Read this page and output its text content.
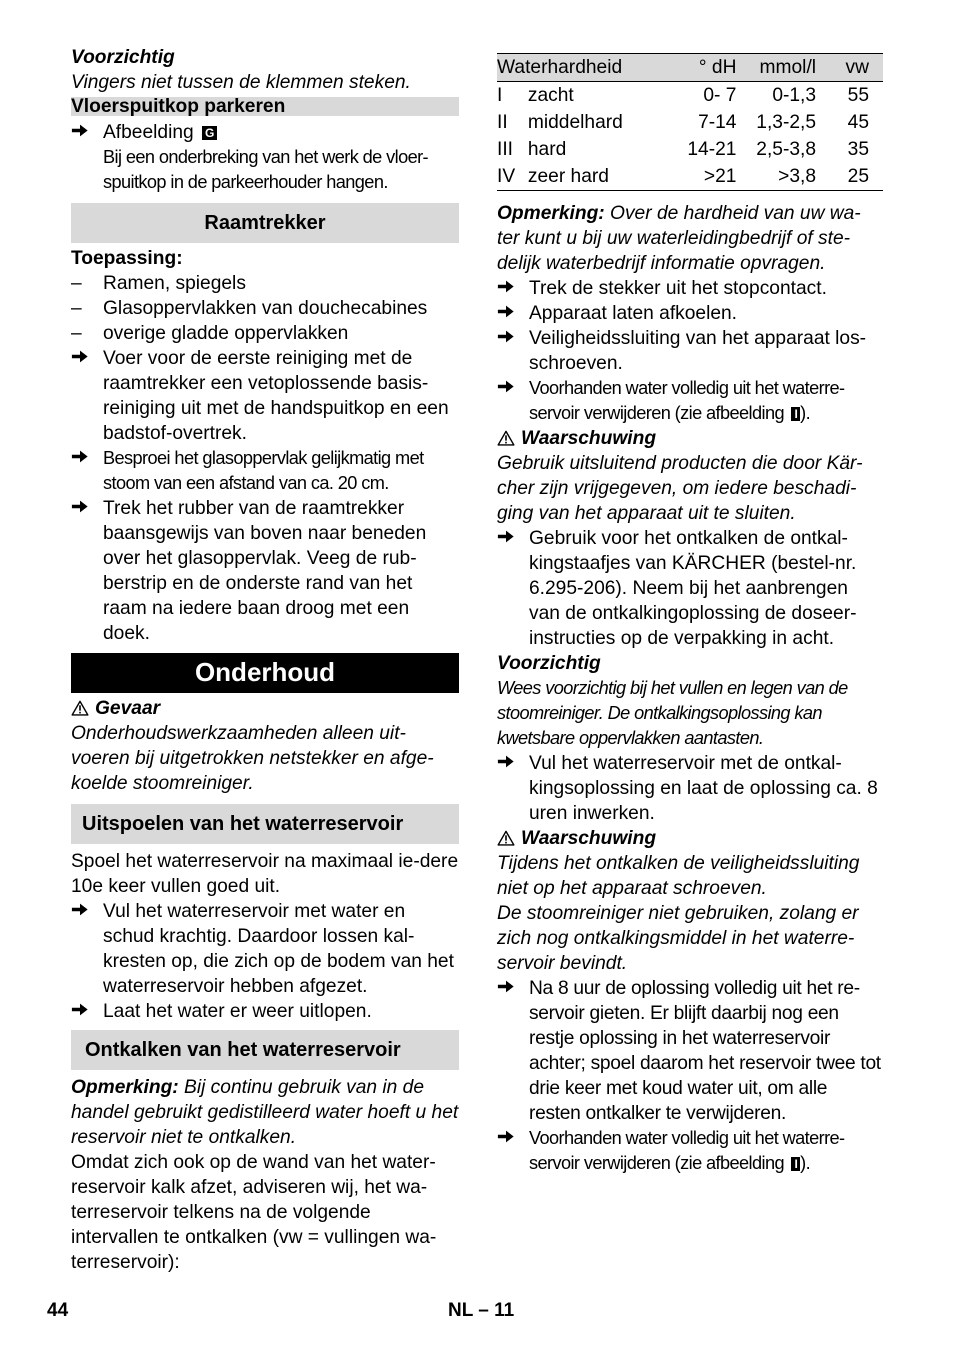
Voorzichtig

Vingers niet tussen de klemmen steken.

Vloerspuitkop parkeren
Afbeelding G
Bij een onderbreking van het werk de vloer-spuitkop in de parkeerhouder hangen.
Raamtrekker

Toepassing:

–	Ramen, spiegels
–	Glasoppervlakken van douchecabines
–	overige gladde oppervlakken
Voer voor de eerste reiniging met de raamtrekker een vetoplossende basis-reiniging uit met de handspuitkop en een badstof-overtrek.
Besproei het glasoppervlak gelijkmatig met stoom van een afstand van ca. 20 cm.
Trek het rubber van de raamtrekker baansgewijs van boven naar beneden over het glasoppervlak. Veeg de rub-berstrip en de onderste rand van het raam na iedere baan droog met een doek.
Onderhoud

Gevaar

Onderhoudswerkzaamheden alleen uit-voeren bij uitgetrokken netstekker en afge-koelde stoomreiniger.

Uitspoelen van het waterreservoir

Spoel het waterreservoir na maximaal ie-dere 10e keer vullen goed uit.

Vul het waterreservoir met water en schud krachtig. Daardoor lossen kal-kresten op, die zich op de bodem van het waterreservoir hebben afgezet.
Laat het water er weer uitlopen.
Ontkalken van het waterreservoir

Opmerking: Bij continu gebruik van in de handel gebruikt gedistilleerd water hoeft u het reservoir niet te ontkalken.

Omdat zich ook op de wand van het water-reservoir kalk afzet, adviseren wij, het wa-terreservoir telkens na de volgende intervallen te ontkalken (vw = vullingen wa-terreservoir):

Waterhardheid		° dH	mmol/l	vw
I	zacht	0- 7	0-1,3	55
II	middelhard	7-14	1,3-2,5	45
III	hard	14-21	2,5-3,8	35
IV	zeer hard	>21	>3,8	25

Opmerking: Over de hardheid van uw wa-ter kunt u bij uw waterleidingbedrijf of ste-delijk waterbedrijf informatie opvragen.

Trek de stekker uit het stopcontact.
Apparaat laten afkoelen.
Veiligheidssluiting van het apparaat los-schroeven.
Voorhanden water volledig uit het waterre-servoir verwijderen (zie afbeelding I ).

Waarschuwing

Gebruik uitsluitend producten die door Kär-cher zijn vrijgegeven, om iedere beschadi-ging van het apparaat uit te sluiten.

Gebruik voor het ontkalken de ontkal-kingstaafjes van KÄRCHER (bestel-nr. 6.295-206). Neem bij het aanbrengen van de ontkalkingoplossing de doseer-instructies op de verpakking in acht.

Voorzichtig

Wees voorzichtig bij het vullen en legen van de stoomreiniger. De ontkalkingsoplossing kan kwetsbare oppervlakken aantasten.

Vul het waterreservoir met de ontkal-kingsoplossing en laat de oplossing ca. 8 uren inwerken.

Waarschuwing

Tijdens het ontkalken de veiligheidssluiting niet op het apparaat schroeven.

De stoomreiniger niet gebruiken, zolang er zich nog ontkalkingsmiddel in het waterre-servoir bevindt.

Na 8 uur de oplossing volledig uit het re-servoir gieten. Er blijft daarbij nog een restje oplossing in het waterreservoir achter; spoel daarom het reservoir twee tot drie keer met koud water uit, om alle resten ontkalker te verwijderen.
Voorhanden water volledig uit het waterre-servoir verwijderen (zie afbeelding I ).
44	NL – 11
